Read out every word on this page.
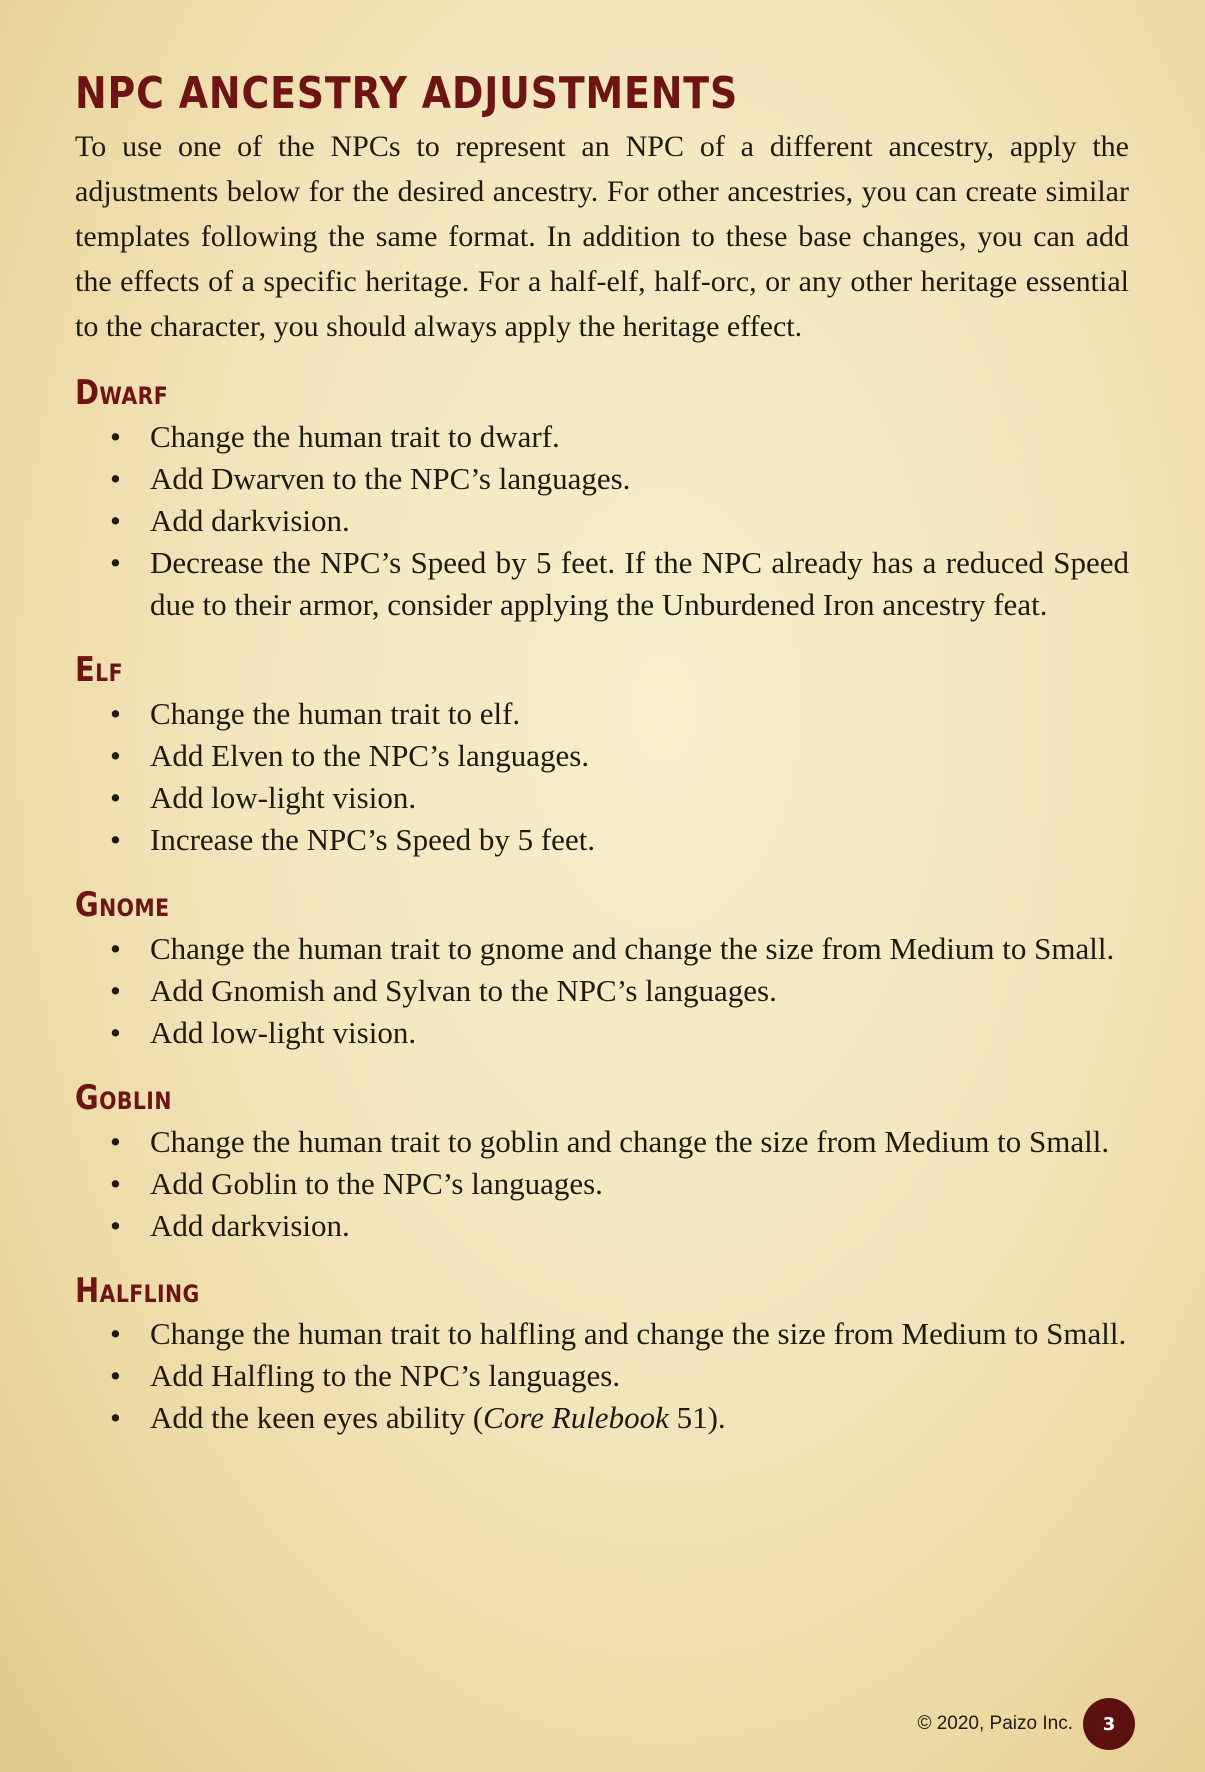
NPC ANCESTRY ADJUSTMENTS

To use one of the NPCs to represent an NPC of a different ancestry, apply the adjustments below for the desired ancestry. For other ancestries, you can create similar templates following the same format. In addition to these base changes, you can add the effects of a specific heritage. For a half-elf, half-orc, or any other heritage essential to the character, you should always apply the heritage effect.

Dwarf
• Change the human trait to dwarf.
• Add Dwarven to the NPC’s languages.
• Add darkvision.
• Decrease the NPC’s Speed by 5 feet. If the NPC already has a reduced Speed due to their armor, consider applying the Unburdened Iron ancestry feat.
Elf
• Change the human trait to elf.
• Add Elven to the NPC’s languages.
• Add low-light vision.
• Increase the NPC’s Speed by 5 feet.
Gnome
• Change the human trait to gnome and change the size from Medium to Small.
• Add Gnomish and Sylvan to the NPC’s languages.
• Add low-light vision.
Goblin
• Change the human trait to goblin and change the size from Medium to Small.
• Add Goblin to the NPC’s languages.
• Add darkvision.
Halfling
• Change the human trait to halfling and change the size from Medium to Small.
• Add Halfling to the NPC’s languages.
• Add the keen eyes ability (Core Rulebook 51).
© 2020, Paizo Inc.	3
